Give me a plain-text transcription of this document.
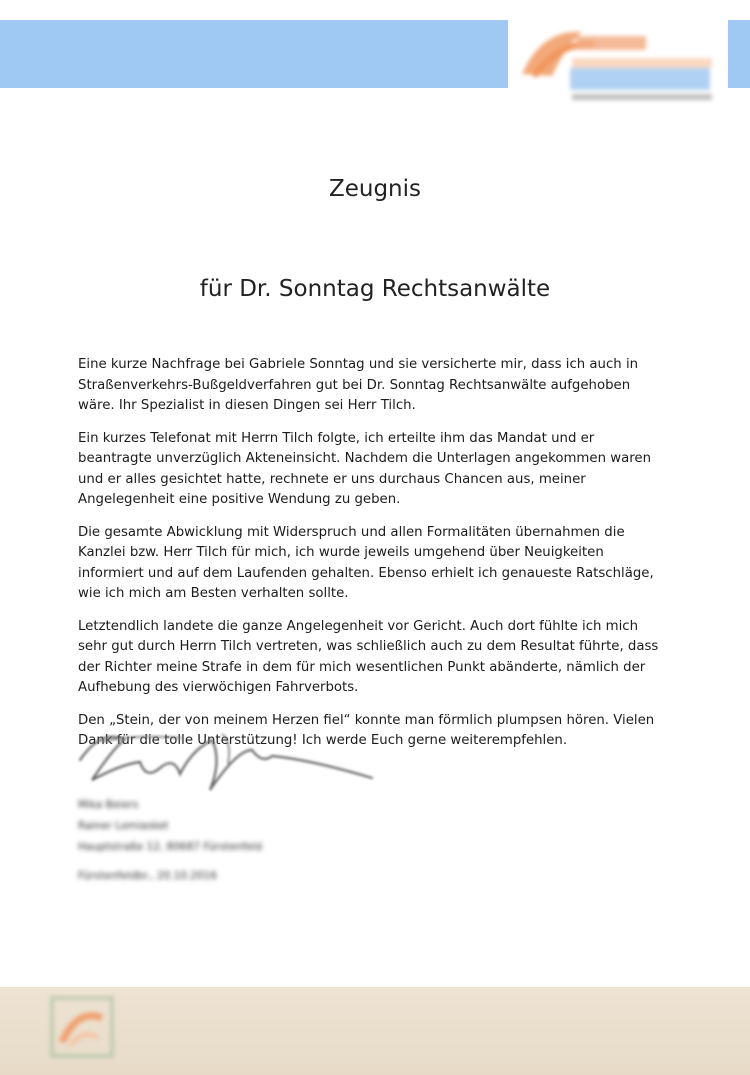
Zeugnis
für Dr. Sonntag Rechtsanwälte

Eine kurze Nachfrage bei Gabriele Sonntag und sie versicherte mir, dass ich auch in Straßenverkehrs-Bußgeldverfahren gut bei Dr. Sonntag Rechtsanwälte aufgehoben wäre. Ihr Spezialist in diesen Dingen sei Herr Tilch.

Ein kurzes Telefonat mit Herrn Tilch folgte, ich erteilte ihm das Mandat und er beantragte unverzüglich Akteneinsicht. Nachdem die Unterlagen angekommen waren und er alles gesichtet hatte, rechnete er uns durchaus Chancen aus, meiner Angelegenheit eine positive Wendung zu geben.

Die gesamte Abwicklung mit Widerspruch und allen Formalitäten übernahmen die Kanzlei bzw. Herr Tilch für mich, ich wurde jeweils umgehend über Neuigkeiten informiert und auf dem Laufenden gehalten. Ebenso erhielt ich genaueste Ratschläge, wie ich mich am Besten verhalten sollte.

Letztendlich landete die ganze Angelegenheit vor Gericht. Auch dort fühlte ich mich sehr gut durch Herrn Tilch vertreten, was schließlich auch zu dem Resultat führte, dass der Richter meine Strafe in dem für mich wesentlichen Punkt abänderte, nämlich der Aufhebung des vierwöchigen Fahrverbots.

Den „Stein, der von meinem Herzen fiel“ konnte man förmlich plumpsen hören. Vielen Dank für die tolle Unterstützung! Ich werde Euch gerne weiterempfehlen.

Mika Beiers
Rainer Lomiasket
Hauptstraße 12, 80687 Fürstenfeld
Fürstenfeldbr., 20.10.2016
